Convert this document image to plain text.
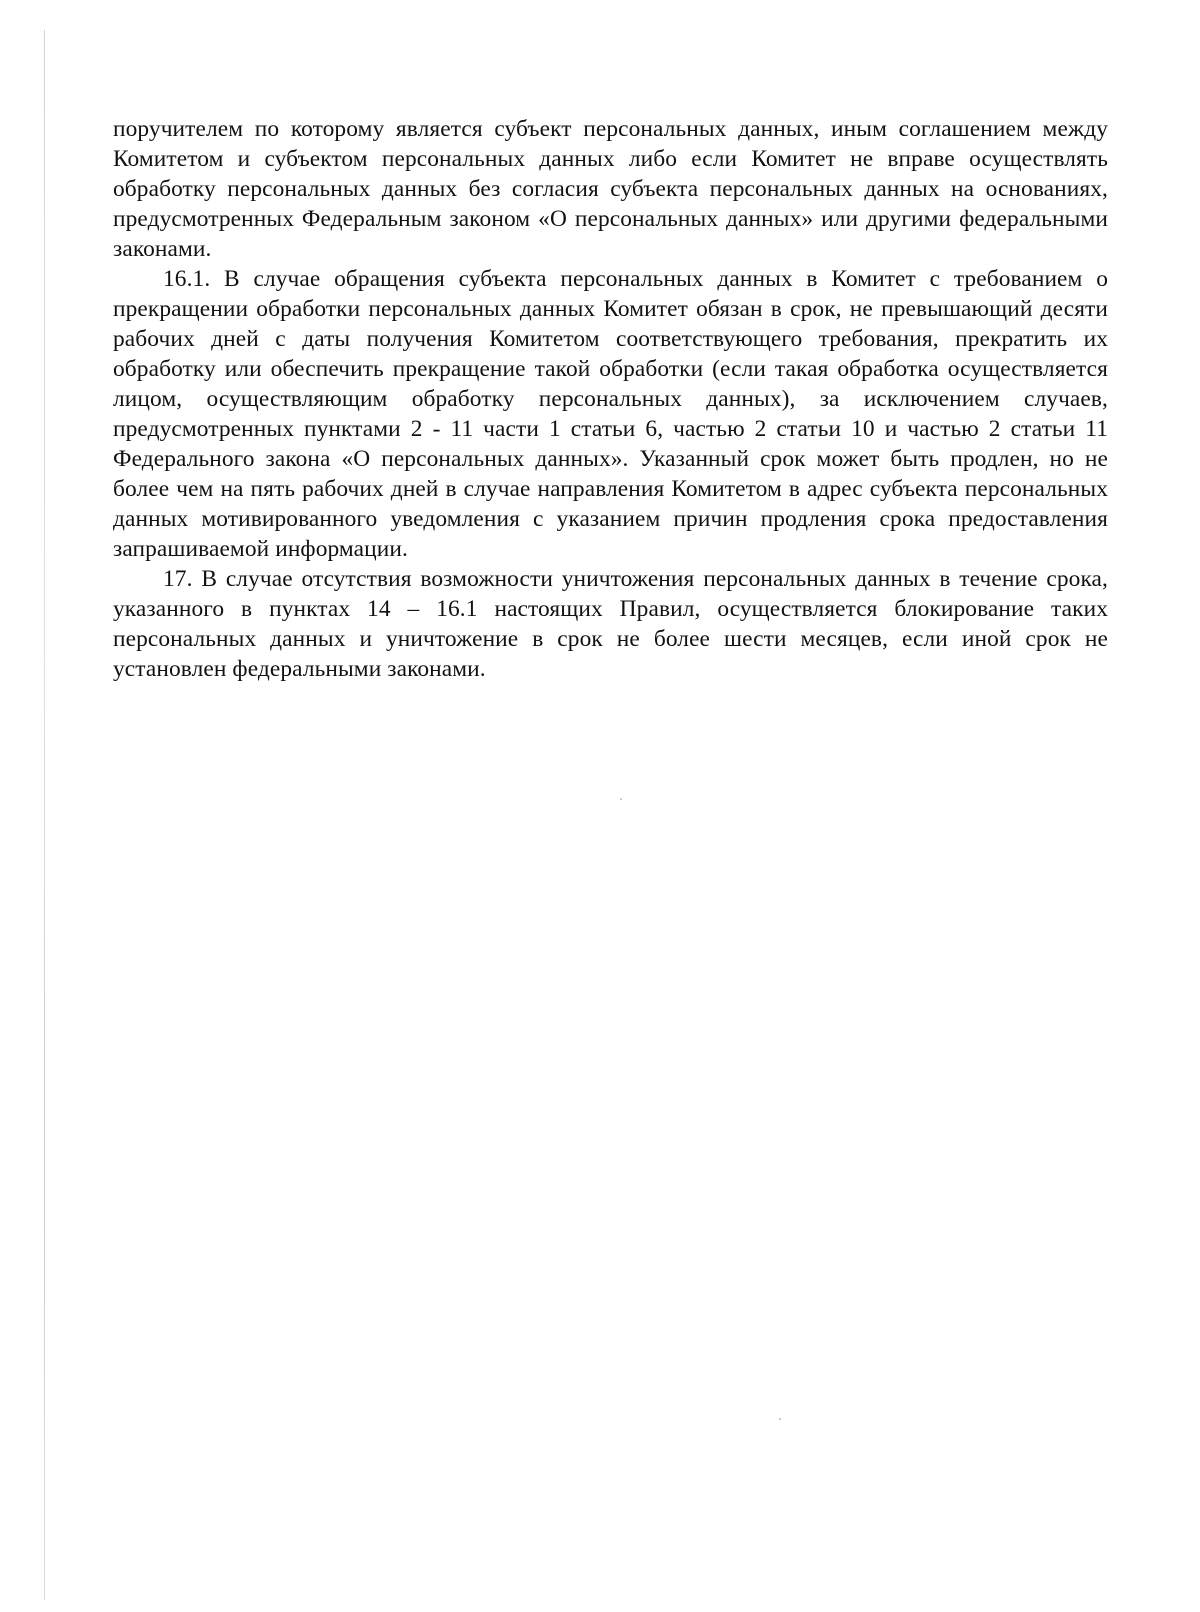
поручителем по которому является субъект персональных данных, иным соглашением между Комитетом и субъектом персональных данных либо если Комитет не вправе осуществлять обработку персональных данных без согласия субъекта персональных данных на основаниях, предусмотренных Федеральным законом «О персональных данных» или другими федеральными законами.

16.1. В случае обращения субъекта персональных данных в Комитет с требованием о прекращении обработки персональных данных Комитет обязан в срок, не превышающий десяти рабочих дней с даты получения Комитетом соответствующего требования, прекратить их обработку или обеспечить прекращение такой обработки (если такая обработка осуществляется лицом, осуществляющим обработку персональных данных), за исключением случаев, предусмотренных пунктами 2 - 11 части 1 статьи 6, частью 2 статьи 10 и частью 2 статьи 11 Федерального закона «О персональных данных». Указанный срок может быть продлен, но не более чем на пять рабочих дней в случае направления Комитетом в адрес субъекта персональных данных мотивированного уведомления с указанием причин продления срока предоставления запрашиваемой информации.

17. В случае отсутствия возможности уничтожения персональных данных в течение срока, указанного в пунктах 14 – 16.1 настоящих Правил, осуществляется блокирование таких персональных данных и уничтожение в срок не более шести месяцев, если иной срок не установлен федеральными законами.
